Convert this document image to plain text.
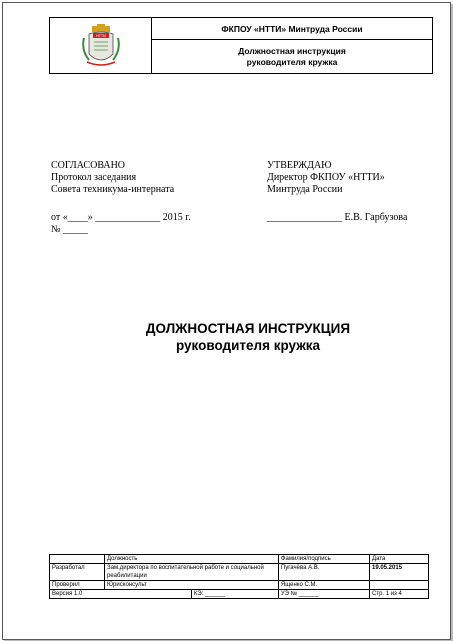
НТТИ
ФКПОУ «НТТИ» Минтруда России
Должностная инструкция
руководителя кружка
СОГЛАСОВАНО
Протокол заседания
Совета техникума-интерната
от «____» _____________ 2015 г.
№ _____
УТВЕРЖДАЮ
Директор ФКПОУ «НТТИ»
Минтруда России
_______________ Е.В. Гарбузова
ДОЛЖНОСТНАЯ ИНСТРУКЦИЯ
руководителя кружка
	Должность		Фамилия/подпись	Дата
Разработал	Зам.директора по воспитательной работе и социальной реабилитации		Пугачёва А.В.	19.05.2015
Проверил	Юрисконсульт		Ященко С.М.	
Версия 1.0		КЭ: ______	УЭ № ______	Стр. 1 из 4
